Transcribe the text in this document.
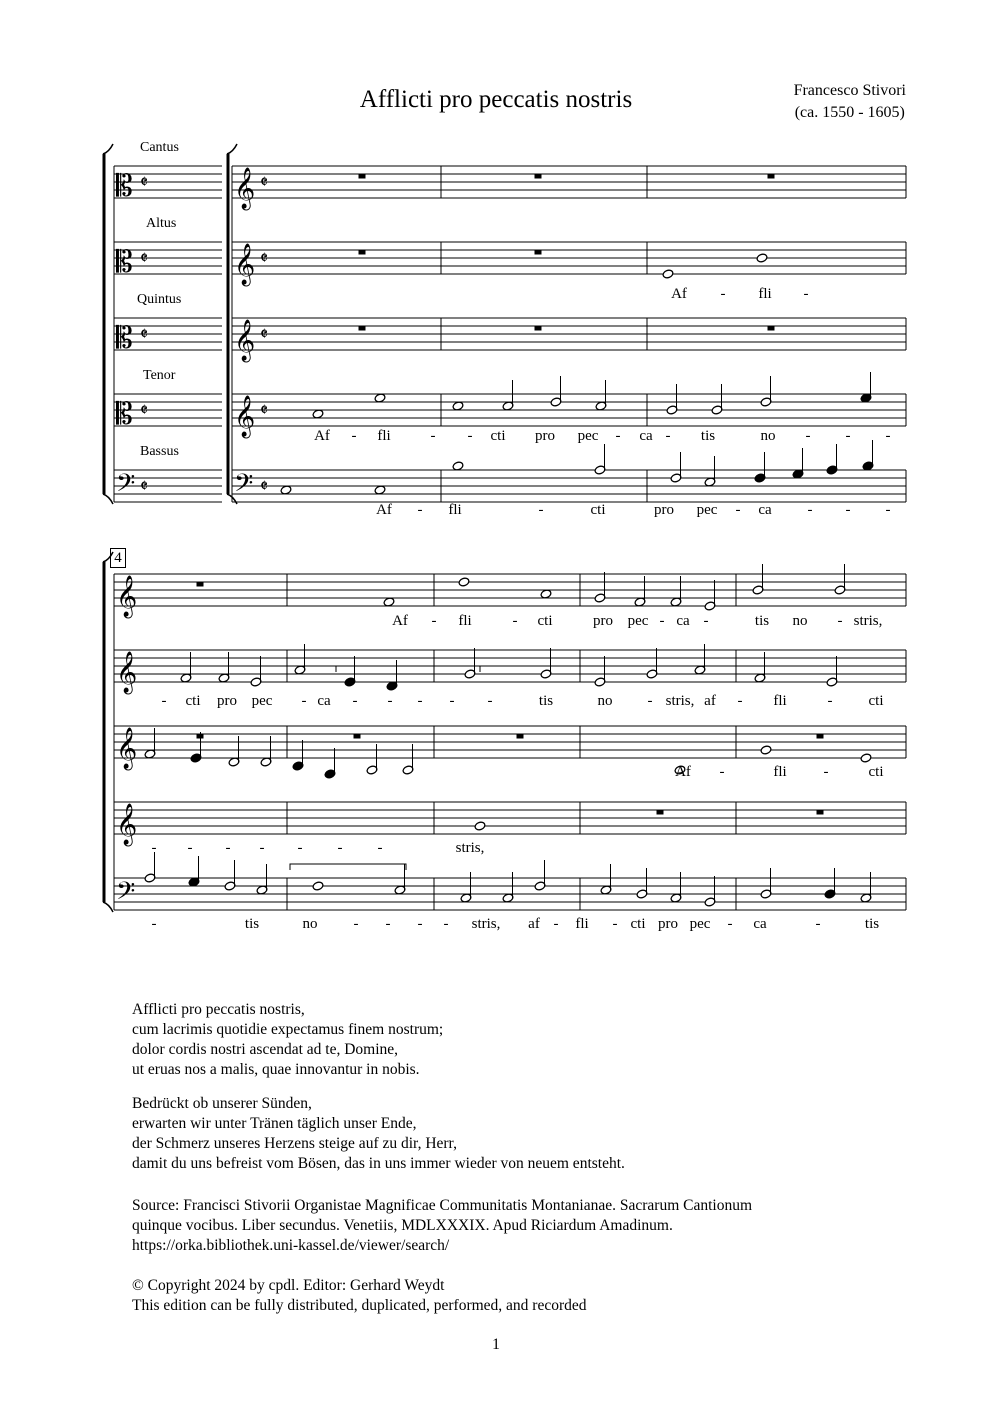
Afflicti pro peccatis nostris	Francesco Stivori
(ca. 1550 - 1605)
Cantus
Altus
Quintus
Tenor
Bassus
4
𝄡 𝄵
𝄡 𝄵
𝄡 𝄵
𝄡 𝄵
𝄢 𝄵
𝄞 𝄵
𝄞 𝄵
𝄞 𝄵
𝄞 𝄵
𝄢 𝄵
𝄞
𝄞
𝄞
𝄞
𝄢
Af - fli -
Af - fli	- - cti pro pec - ca - tis	no - - -
Af - fli	-	cti	pro pec - ca - - -
Af - fli	- cti	pro pec - ca -	tis no - stris,
- cti pro pec - ca - - - - -	tis	no - stris, af - fli	- cti
Af -	fli -	cti
- - - - - - -	stris,
-	tis	no - - - - stris, af - fli - cti pro pec - ca	-	tis
Afflicti pro peccatis nostris,
cum lacrimis quotidie expectamus finem nostrum;
dolor cordis nostri ascendat ad te, Domine,
ut eruas nos a malis, quae innovantur in nobis.
Bedrückt ob unserer Sünden,
erwarten wir unter Tränen täglich unser Ende,
der Schmerz unseres Herzens steige auf zu dir, Herr,
damit du uns befreist vom Bösen, das in uns immer wieder von neuem entsteht.
Source: Francisci Stivorii Organistae Magnificae Communitatis Montanianae. Sacrarum Cantionum
quinque vocibus. Liber secundus. Venetiis, MDLXXXIX. Apud Riciardum Amadinum.
https://orka.bibliothek.uni-kassel.de/viewer/search/
© Copyright 2024 by cpdl. Editor: Gerhard Weydt
This edition can be fully distributed, duplicated, performed, and recorded
1
